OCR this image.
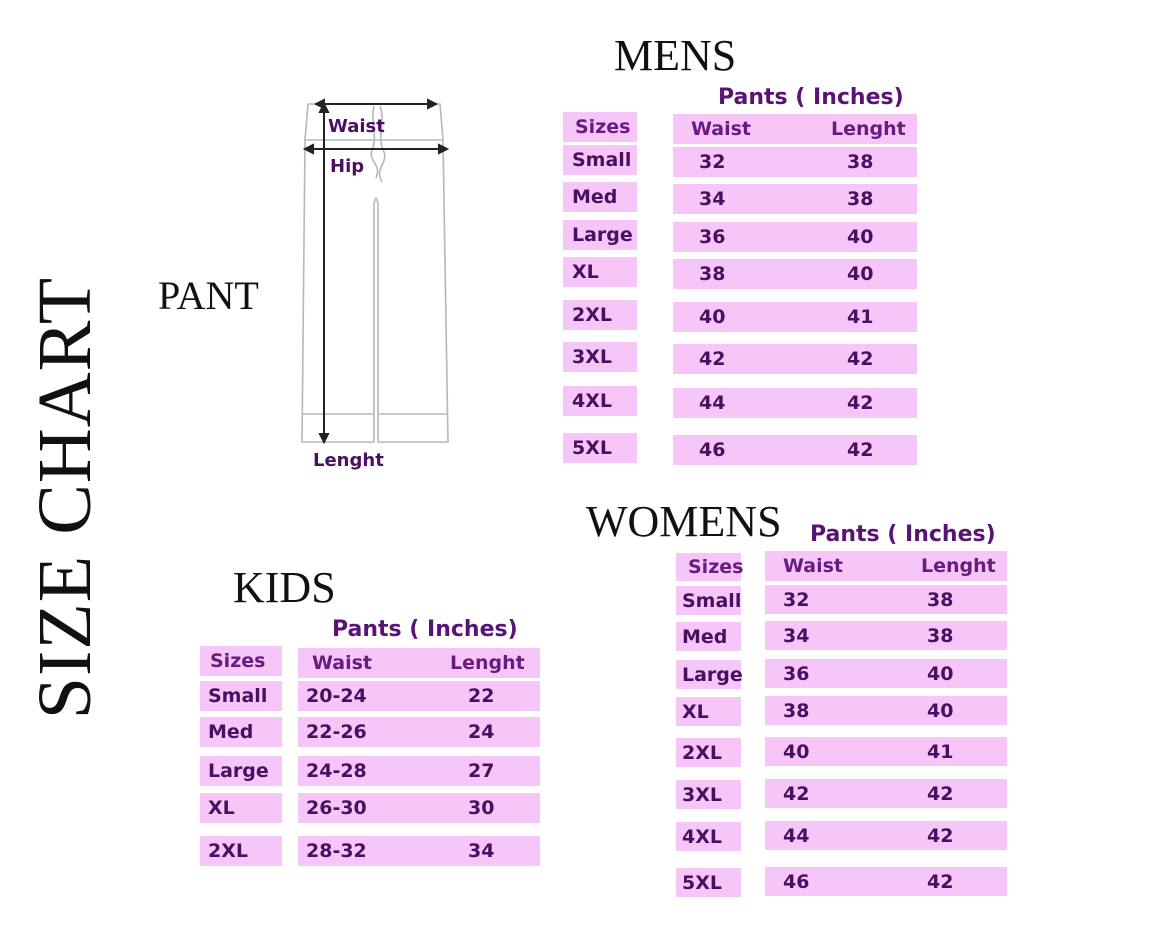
SIZE CHART PANT
Waist
Hip
Lenght
MENS
Pants ( Inches)
Sizes	Waist	Lenght
Small	32	38
Med	34	38
Large	36	40
XL	38	40
2XL	40	41
3XL	42	42
4XL	44	42
5XL	46	42
WOMENS Pants ( Inches)
Sizes Waist	Lenght
Small 32	38
Med	34	38
Large 36	40
XL	38	40
2XL	40	41
3XL	42	42
4XL	44	42
5XL	46	42
KIDS
Pants ( Inches)
Sizes	Waist	Lenght
Small	20-24	22
Med	22-26	24
Large	24-28	27
XL	26-30	30
2XL	28-32	34
